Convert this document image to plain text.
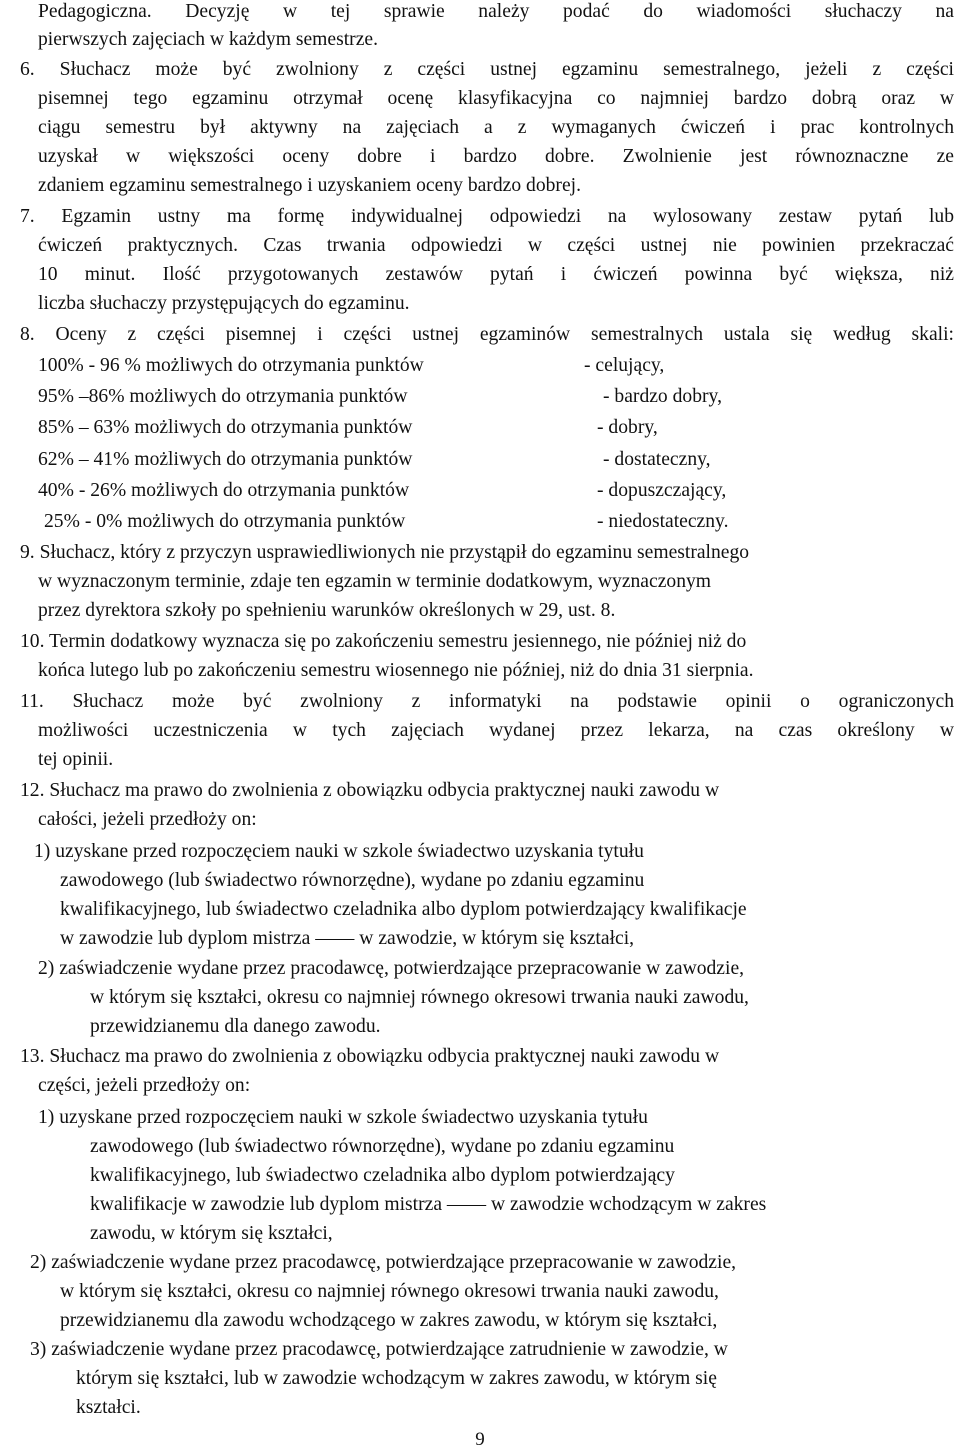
Pedagogiczna. Decyzję w tej sprawie należy podać do wiadomości słuchaczy na
pierwszych zajęciach w każdym semestrze.
6. Słuchacz może być zwolniony z części ustnej egzaminu semestralnego, jeżeli z części
pisemnej tego egzaminu otrzymał ocenę klasyfikacyjna co najmniej bardzo dobrą oraz w
ciągu semestru był aktywny na zajęciach a z wymaganych ćwiczeń i prac kontrolnych
uzyskał w większości oceny dobre i bardzo dobre. Zwolnienie jest równoznaczne ze
zdaniem egzaminu semestralnego i uzyskaniem oceny bardzo dobrej.
7. Egzamin ustny ma formę indywidualnej odpowiedzi na wylosowany zestaw pytań lub
ćwiczeń praktycznych. Czas trwania odpowiedzi w części ustnej nie powinien przekraczać
10 minut. Ilość przygotowanych zestawów pytań i ćwiczeń powinna być większa, niż
liczba słuchaczy przystępujących do egzaminu.
8. Oceny z części pisemnej i części ustnej egzaminów semestralnych ustala się według skali:
100% - 96 % możliwych do otrzymania punktów	- celujący,
95% –86% możliwych do otrzymania punktów	- bardzo dobry,
85% – 63% możliwych do otrzymania punktów	- dobry,
62% – 41% możliwych do otrzymania punktów	- dostateczny,
40% - 26% możliwych do otrzymania punktów	- dopuszczający,
25% - 0% możliwych do otrzymania punktów	- niedostateczny.
9. Słuchacz, który z przyczyn usprawiedliwionych nie przystąpił do egzaminu semestralnego
w wyznaczonym terminie, zdaje ten egzamin w terminie dodatkowym, wyznaczonym
przez dyrektora szkoły po spełnieniu warunków określonych w 29, ust. 8.
10. Termin dodatkowy wyznacza się po zakończeniu semestru jesiennego, nie później niż do
końca lutego lub po zakończeniu semestru wiosennego nie później, niż do dnia 31 sierpnia.
11. Słuchacz może być zwolniony z informatyki na podstawie opinii o ograniczonych
możliwości uczestniczenia w tych zajęciach wydanej przez lekarza, na czas określony w
tej opinii.
12. Słuchacz ma prawo do zwolnienia z obowiązku odbycia praktycznej nauki zawodu w
całości, jeżeli przedłoży on:
1) uzyskane przed rozpoczęciem nauki w szkole świadectwo uzyskania tytułu
zawodowego (lub świadectwo równorzędne), wydane po zdaniu egzaminu
kwalifikacyjnego, lub świadectwo czeladnika albo dyplom potwierdzający kwalifikacje
w zawodzie lub dyplom mistrza —— w zawodzie, w którym się kształci,
2) zaświadczenie wydane przez pracodawcę, potwierdzające przepracowanie w zawodzie,
w którym się kształci, okresu co najmniej równego okresowi trwania nauki zawodu,
przewidzianemu dla danego zawodu.
13. Słuchacz ma prawo do zwolnienia z obowiązku odbycia praktycznej nauki zawodu w
części, jeżeli przedłoży on:
1) uzyskane przed rozpoczęciem nauki w szkole świadectwo uzyskania tytułu
zawodowego (lub świadectwo równorzędne), wydane po zdaniu egzaminu
kwalifikacyjnego, lub świadectwo czeladnika albo dyplom potwierdzający
kwalifikacje w zawodzie lub dyplom mistrza —— w zawodzie wchodzącym w zakres
zawodu, w którym się kształci,
2) zaświadczenie wydane przez pracodawcę, potwierdzające przepracowanie w zawodzie,
w którym się kształci, okresu co najmniej równego okresowi trwania nauki zawodu,
przewidzianemu dla zawodu wchodzącego w zakres zawodu, w którym się kształci,
3) zaświadczenie wydane przez pracodawcę, potwierdzające zatrudnienie w zawodzie, w
którym się kształci, lub w zawodzie wchodzącym w zakres zawodu, w którym się
kształci.
9
